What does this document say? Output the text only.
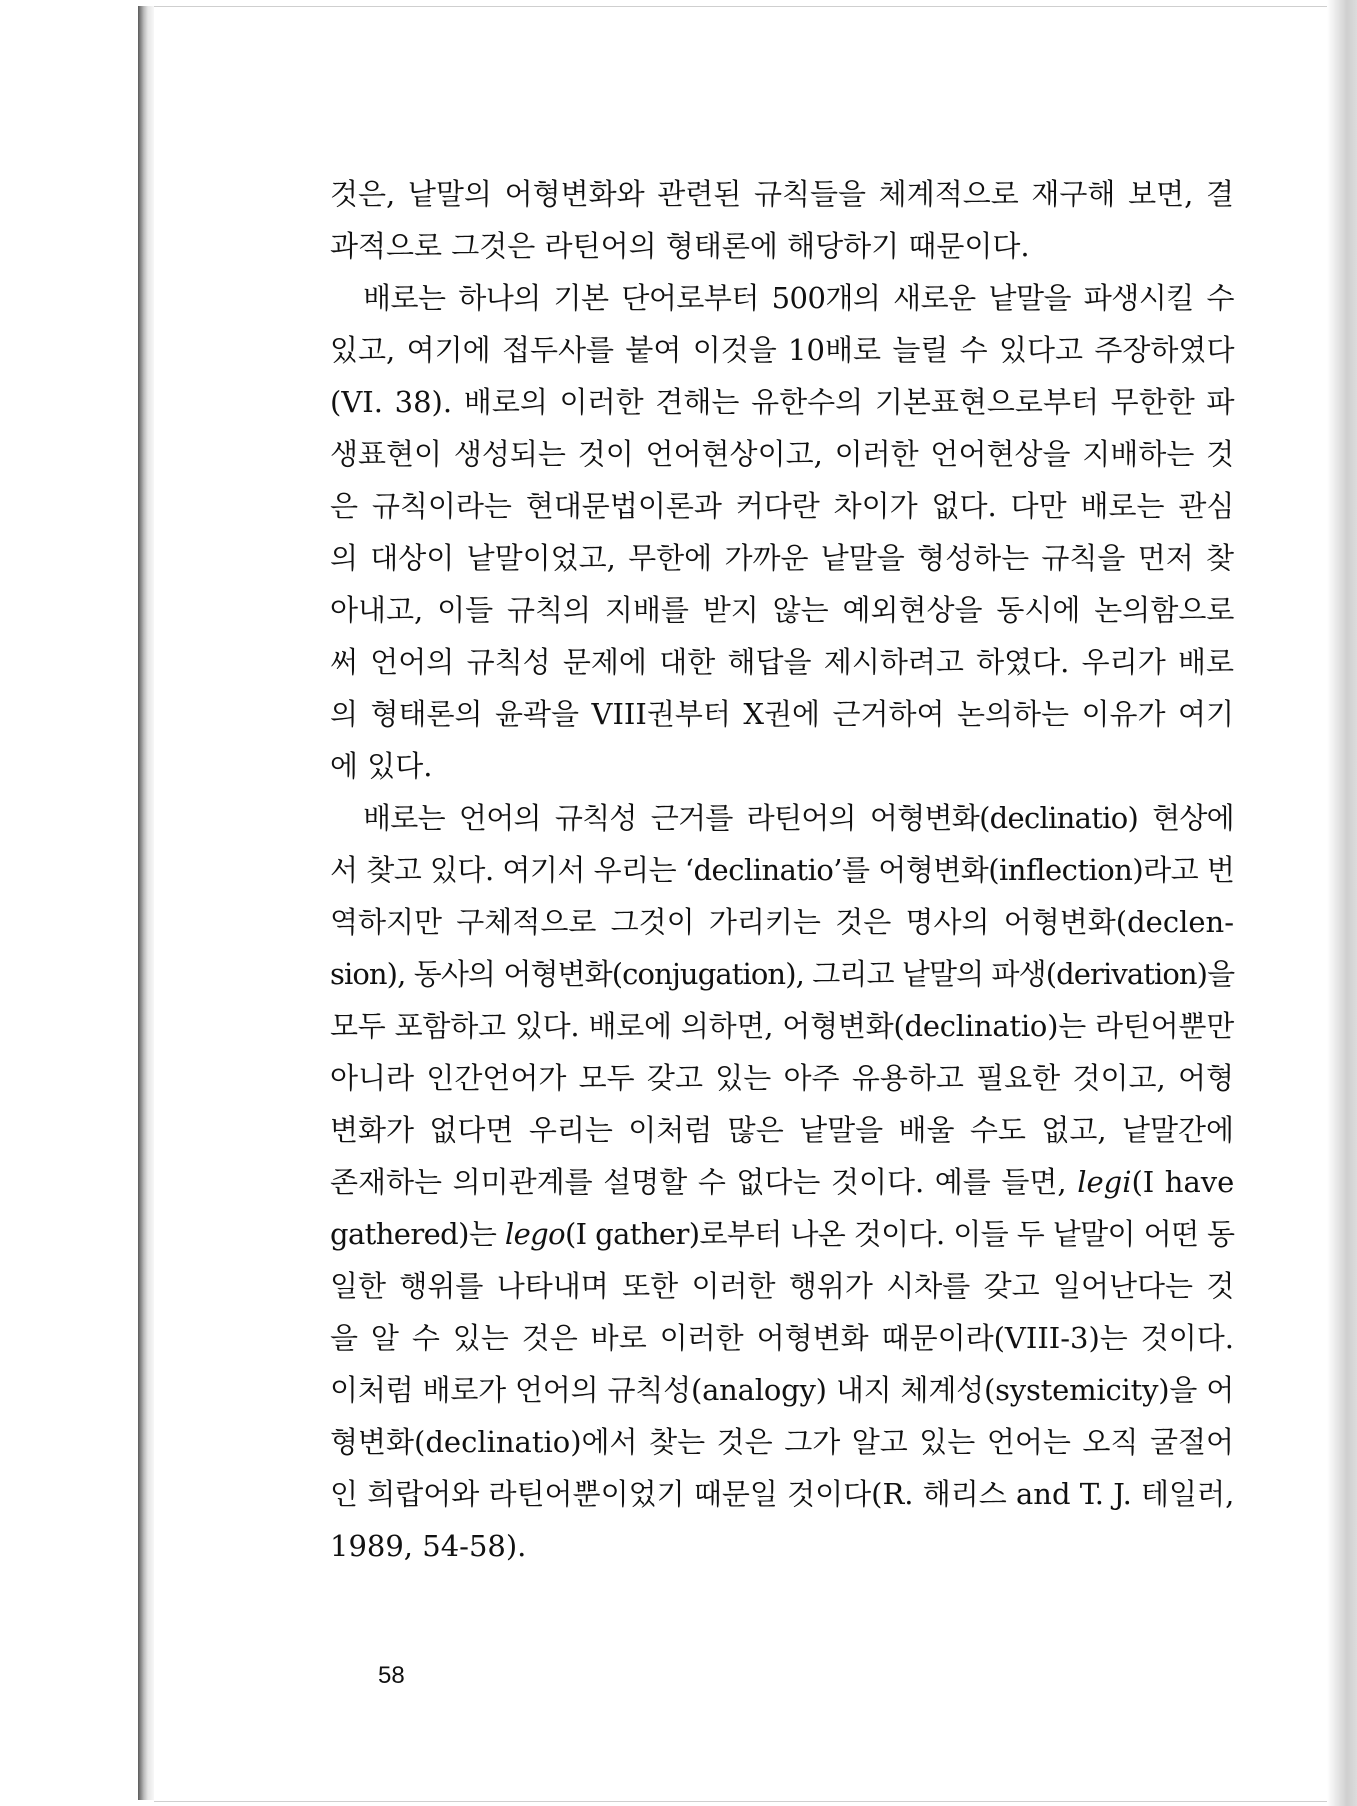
것은, 낱말의 어형변화와 관련된 규칙들을 체계적으로 재구해 보면, 결
과적으로 그것은 라틴어의 형태론에 해당하기 때문이다.
배로는 하나의 기본 단어로부터 500개의 새로운 낱말을 파생시킬 수
있고, 여기에 접두사를 붙여 이것을 10배로 늘릴 수 있다고 주장하였다
(VI. 38). 배로의 이러한 견해는 유한수의 기본표현으로부터 무한한 파
생표현이 생성되는 것이 언어현상이고, 이러한 언어현상을 지배하는 것
은 규칙이라는 현대문법이론과 커다란 차이가 없다. 다만 배로는 관심
의 대상이 낱말이었고, 무한에 가까운 낱말을 형성하는 규칙을 먼저 찾
아내고, 이들 규칙의 지배를 받지 않는 예외현상을 동시에 논의함으로
써 언어의 규칙성 문제에 대한 해답을 제시하려고 하였다. 우리가 배로
의 형태론의 윤곽을 VIII권부터 X권에 근거하여 논의하는 이유가 여기
에 있다.
배로는 언어의 규칙성 근거를 라틴어의 어형변화(declinatio) 현상에
서 찾고 있다. 여기서 우리는 ‘declinatio’를 어형변화(inflection)라고 번
역하지만 구체적으로 그것이 가리키는 것은 명사의 어형변화(declen-
sion), 동사의 어형변화(conjugation), 그리고 낱말의 파생(derivation)을
모두 포함하고 있다. 배로에 의하면, 어형변화(declinatio)는 라틴어뿐만
아니라 인간언어가 모두 갖고 있는 아주 유용하고 필요한 것이고, 어형
변화가 없다면 우리는 이처럼 많은 낱말을 배울 수도 없고, 낱말간에
존재하는 의미관계를 설명할 수 없다는 것이다. 예를 들면, legi(I have
gathered)는 lego(I gather)로부터 나온 것이다. 이들 두 낱말이 어떤 동
일한 행위를 나타내며 또한 이러한 행위가 시차를 갖고 일어난다는 것
을 알 수 있는 것은 바로 이러한 어형변화 때문이라(VIII-3)는 것이다.
이처럼 배로가 언어의 규칙성(analogy) 내지 체계성(systemicity)을 어
형변화(declinatio)에서 찾는 것은 그가 알고 있는 언어는 오직 굴절어
인 희랍어와 라틴어뿐이었기 때문일 것이다(R. 해리스 and T. J. 테일러,
1989, 54-58).
58
